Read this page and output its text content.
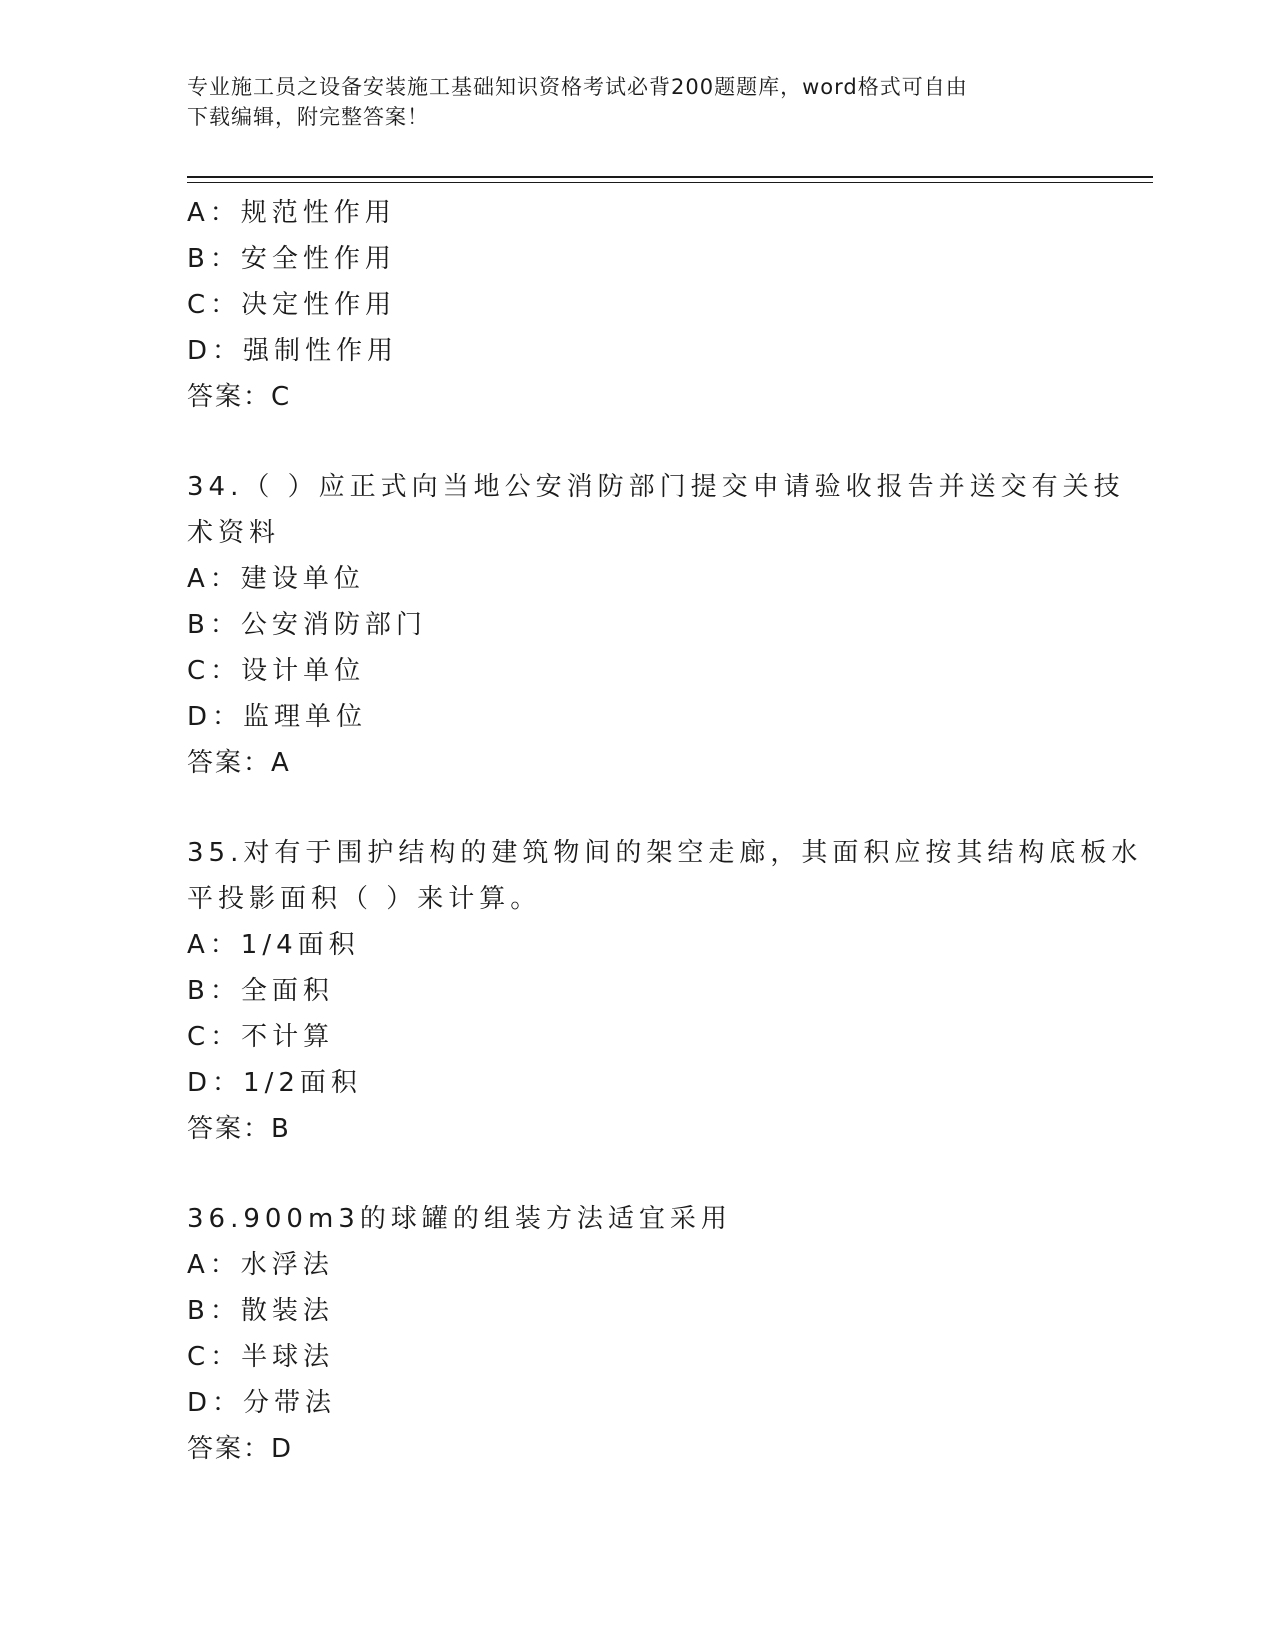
专业施工员之设备安装施工基础知识资格考试必背200题题库，word格式可自由
下载编辑，附完整答案！
A：规范性作用
B：安全性作用
C：决定性作用
D：强制性作用
答案：C
34.（ ）应正式向当地公安消防部门提交申请验收报告并送交有关技
术资料
A：建设单位
B：公安消防部门
C：设计单位
D：监理单位
答案：A
35.对有于围护结构的建筑物间的架空走廊，其面积应按其结构底板水
平投影面积（ ）来计算。
A：1/4面积
B：全面积
C：不计算
D：1/2面积
答案：B
36.900m3的球罐的组装方法适宜采用
A：水浮法
B：散装法
C：半球法
D：分带法
答案：D
